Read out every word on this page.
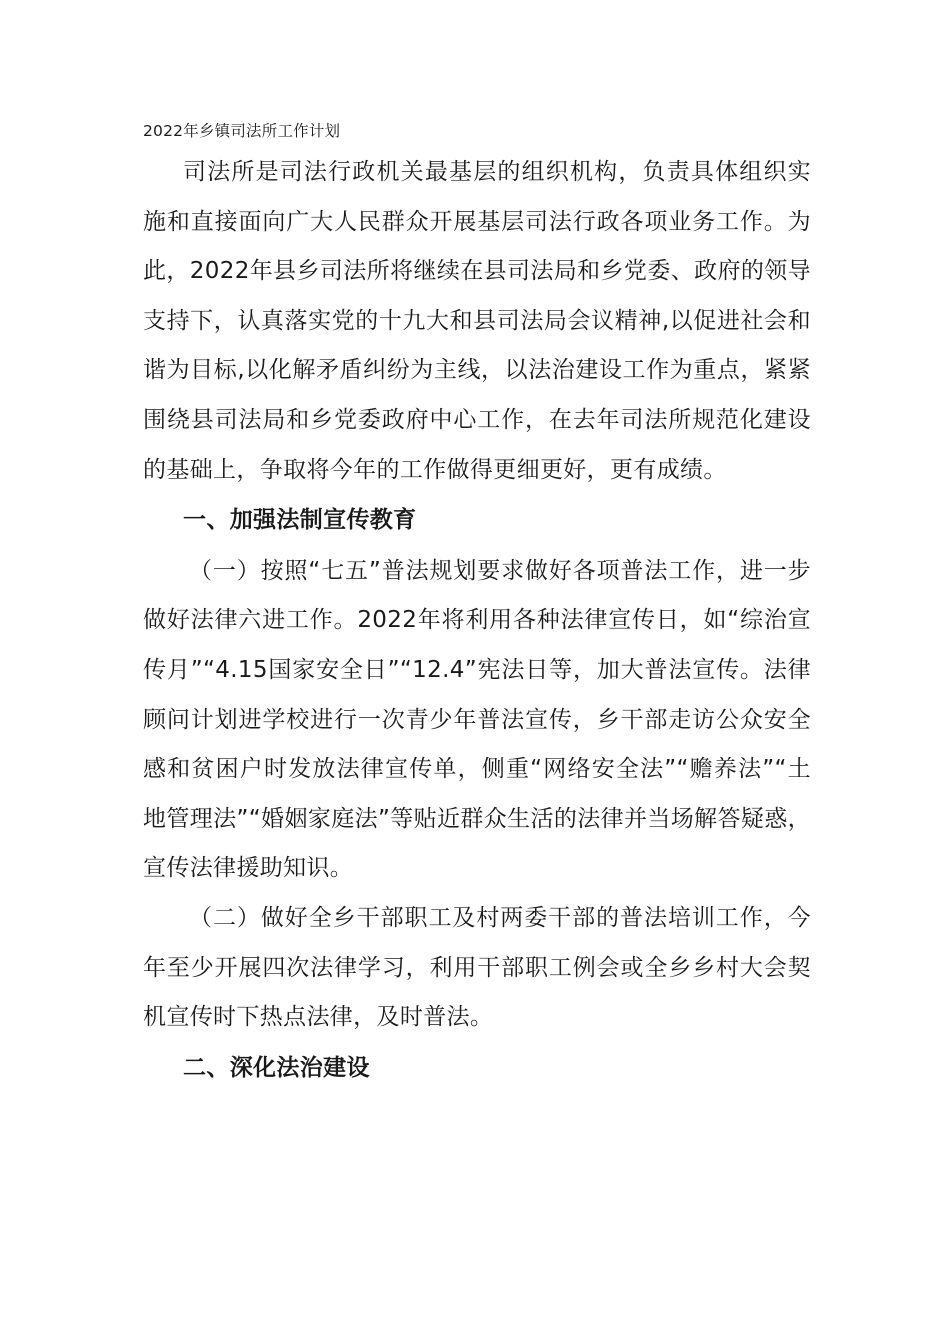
2022年乡镇司法所工作计划

司法所是司法行政机关最基层的组织机构，负责具体组织实施和直接面向广大人民群众开展基层司法行政各项业务工作。为此，2022年县乡司法所将继续在县司法局和乡党委、政府的领导支持下，认真落实党的十九大和县司法局会议精神,以促进社会和谐为目标,以化解矛盾纠纷为主线，以法治建设工作为重点，紧紧围绕县司法局和乡党委政府中心工作，在去年司法所规范化建设的基础上，争取将今年的工作做得更细更好，更有成绩。

一、加强法制宣传教育

（一）按照“七五”普法规划要求做好各项普法工作，进一步做好法律六进工作。2022年将利用各种法律宣传日，如“综治宣传月”“4.15国家安全日”“12.4”宪法日等，加大普法宣传。法律顾问计划进学校进行一次青少年普法宣传，乡干部走访公众安全感和贫困户时发放法律宣传单，侧重“网络安全法”“赡养法”“土地管理法”“婚姻家庭法”等贴近群众生活的法律并当场解答疑惑，宣传法律援助知识。

（二）做好全乡干部职工及村两委干部的普法培训工作，今年至少开展四次法律学习，利用干部职工例会或全乡乡村大会契机宣传时下热点法律，及时普法。

二、深化法治建设
